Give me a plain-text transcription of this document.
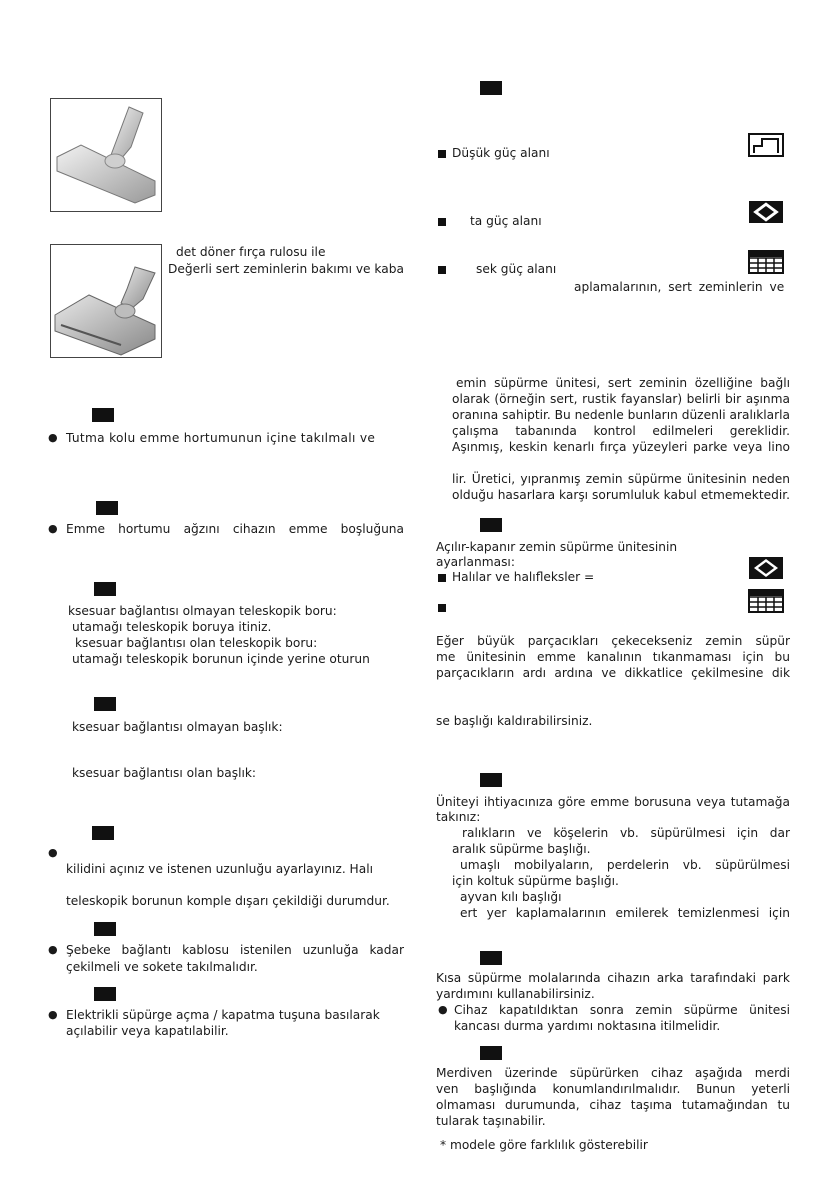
det döner fırça rulosu ile
Değerli sert zeminlerin bakımı ve kaba
● Tutma kolu emme hortumunun içine takılmalı ve
● Emme hortumu ağzını cihazın emme boşluğuna
ksesuar bağlantısı olmayan teleskopik boru:
utamağı teleskopik boruya itiniz.
ksesuar bağlantısı olan teleskopik boru:
utamağı teleskopik borunun içinde yerine oturun
ksesuar bağlantısı olmayan başlık:
ksesuar bağlantısı olan başlık:
●
kilidini açınız ve istenen uzunluğu ayarlayınız. Halı
teleskopik borunun komple dışarı çekildiği durumdur.
● Şebeke bağlantı kablosu istenilen uzunluğa kadar
çekilmeli ve sokete takılmalıdır.
● Elektrikli süpürge açma / kapatma tuşuna basılarak
açılabilir veya kapatılabilir.
Düşük güç alanı
ta güç alanı
sek güç alanı
aplamalarının, sert zeminlerin ve
emin süpürme ünitesi, sert zeminin özelliğine bağlı
olarak (örneğin sert, rustik fayanslar) belirli bir aşınma
oranına sahiptir. Bu nedenle bunların düzenli aralıklarla
çalışma tabanında kontrol edilmeleri gereklidir.
Aşınmış, keskin kenarlı fırça yüzeyleri parke veya lino
lir. Üretici, yıpranmış zemin süpürme ünitesinin neden
olduğu hasarlara karşı sorumluluk kabul etmemektedir.
Açılır-kapanır zemin süpürme ünitesinin
ayarlanması:
Halılar ve halıfleksler =
Eğer büyük parçacıkları çekecekseniz zemin süpür
me ünitesinin emme kanalının tıkanmaması için bu
parçacıkların ardı ardına ve dikkatlice çekilmesine dik
se başlığı kaldırabilirsiniz.
Üniteyi ihtiyacınıza göre emme borusuna veya tutamağa
takınız:
ralıkların ve köşelerin vb. süpürülmesi için dar
aralık süpürme başlığı.
umaşlı mobilyaların, perdelerin vb. süpürülmesi
için koltuk süpürme başlığı.
ayvan kılı başlığı
ert yer kaplamalarının emilerek temizlenmesi için
Kısa süpürme molalarında cihazın arka tarafındaki park
yardımını kullanabilirsiniz.
● Cihaz kapatıldıktan sonra zemin süpürme ünitesi
kancası durma yardımı noktasına itilmelidir.
Merdiven üzerinde süpürürken cihaz aşağıda merdi
ven başlığında konumlandırılmalıdır. Bunun yeterli
olmaması durumunda, cihaz taşıma tutamağından tu
tularak taşınabilir.
* modele göre farklılık gösterebilir
